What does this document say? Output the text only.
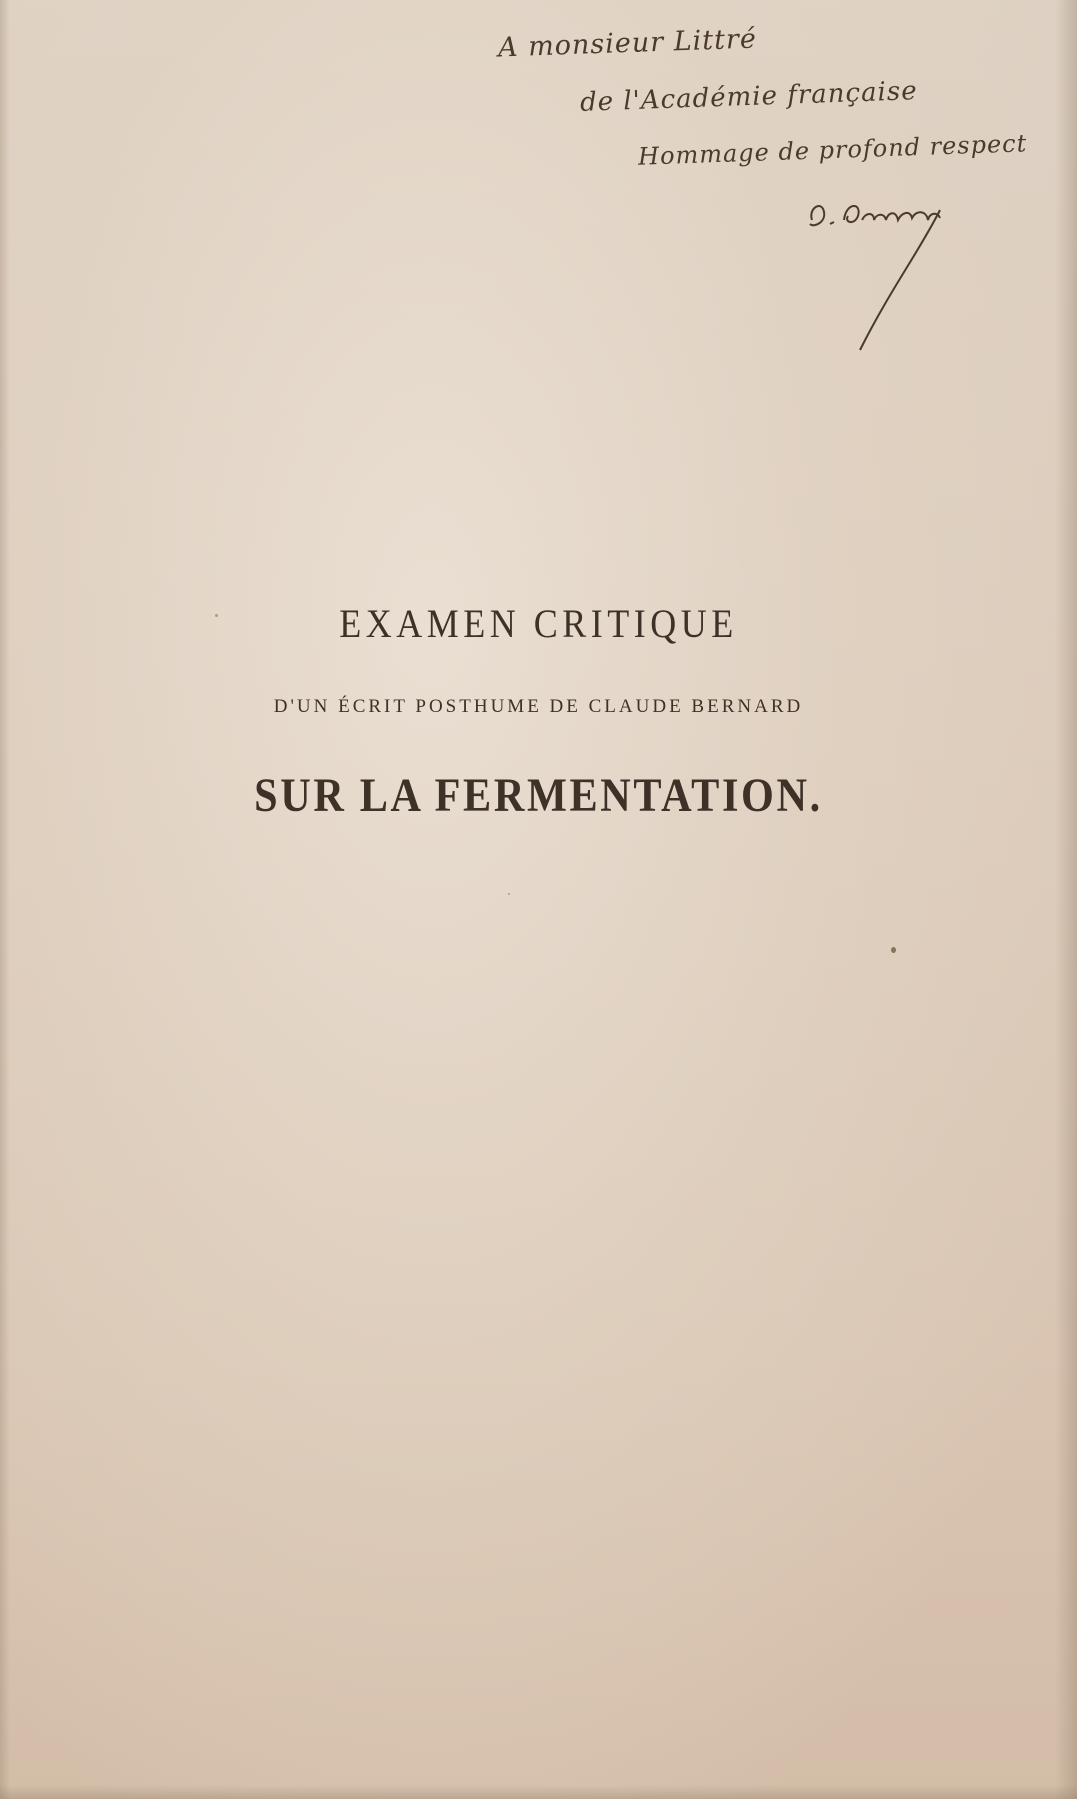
A monsieur Littré
de l'Académie française
Hommage de profond respect
EXAMEN CRITIQUE
D'UN ÉCRIT POSTHUME DE CLAUDE BERNARD
SUR LA FERMENTATION.
